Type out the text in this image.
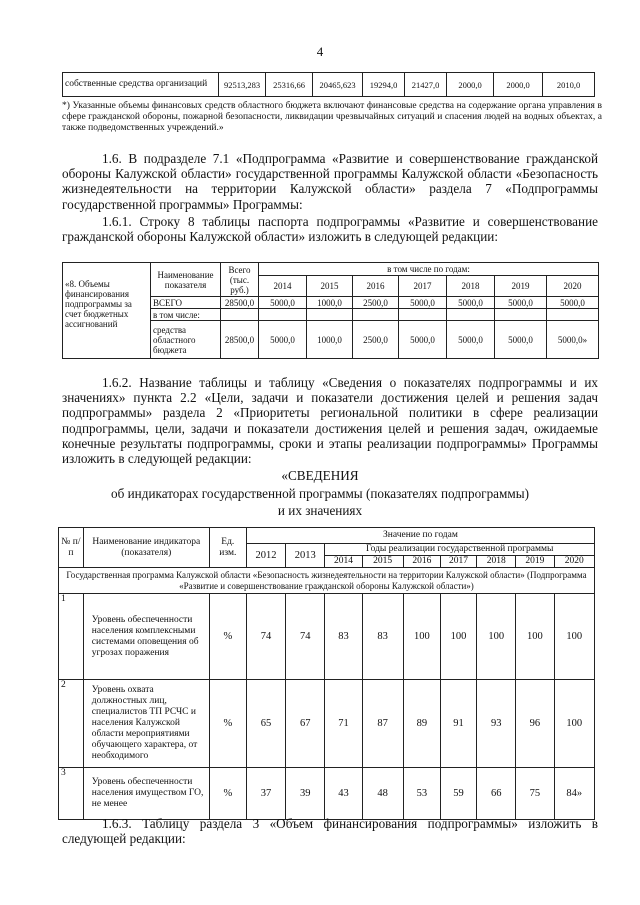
4
собственные средства организаций	92513,283	25316,66	20465,623	19294,0	21427,0	2000,0	2000,0	2010,0
*) Указанные объемы финансовых средств областного бюджета включают финансовые средства на содержание органа управления в сфере гражданской обороны, пожарной безопасности, ликвидации чрезвычайных ситуаций и спасения людей на водных объектах, а также подведомственных учреждений.»
1.6. В подразделе 7.1 «Подпрограмма «Развитие и совершенствование гражданской обороны Калужской области» государственной программы Калужской области «Безопасность жизнедеятельности на территории Калужской области» раздела 7 «Подпрограммы государственной программы» Программы:
1.6.1. Строку 8 таблицы паспорта подпрограммы «Развитие и совершенствование гражданской обороны Калужской области» изложить в следующей редакции:
«8. Объемы финансирования подпрограммы за счет бюджетных ассигнований	Наименование показателя	Всего (тыс. руб.)	в том числе по годам:						
			2014	2015	2016	2017	2018	2019	2020
	ВСЕГО	28500,0	5000,0	1000,0	2500,0	5000,0	5000,0	5000,0	5000,0
	в том числе:								
	средства областного бюджета	28500,0	5000,0	1000,0	2500,0	5000,0	5000,0	5000,0	5000,0»
1.6.2. Название таблицы и таблицу «Сведения о показателях подпрограммы и их значениях» пункта 2.2 «Цели, задачи и показатели достижения целей и решения задач подпрограммы» раздела 2 «Приоритеты региональной политики в сфере реализации подпрограммы, цели, задачи и показатели достижения целей и решения задач, ожидаемые конечные результаты подпрограммы, сроки и этапы реализации подпрограммы» Программы изложить в следующей редакции:
«СВЕДЕНИЯ
об индикаторах государственной программы (показателях подпрограммы)
и их значениях
№ п/п	Наименование индикатора (показателя)	Ед. изм.	Значение по годам								
			2012	2013	Годы реализации государственной программы						
					2014	2015	2016	2017	2018	2019	2020
Государственная программа Калужской области «Безопасность жизнедеятельности на территории Калужской области» (Подпрограмма «Развитие и совершенствование гражданской обороны Калужской области»)											
1	Уровень обеспеченности населения комплексными системами оповещения об угрозах поражения	%	74	74	83	83	100	100	100	100	100
2	Уровень охвата должностных лиц, специалистов ТП РСЧС и населения Калужской области мероприятиями обучающего характера, от необходимого	%	65	67	71	87	89	91	93	96	100
3	Уровень обеспеченности населения имуществом ГО, не менее	%	37	39	43	48	53	59	66	75	84»
1.6.3. Таблицу раздела 3 «Объем финансирования подпрограммы» изложить в следующей редакции:
